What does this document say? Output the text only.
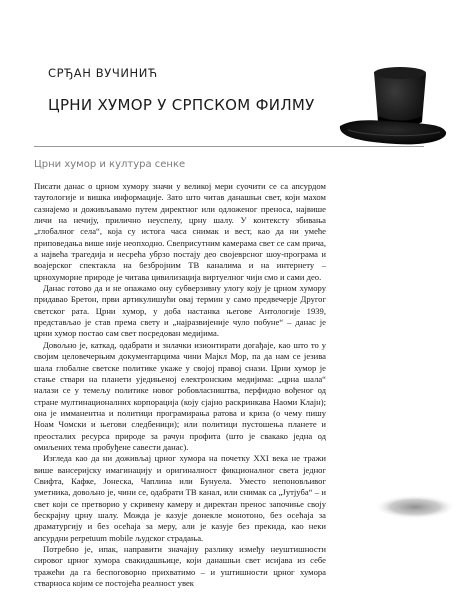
СРЂАН ВУЧИНИЋ
ЦРНИ ХУМОР У СРПСКОМ ФИЛМУ
Црни хумор и култура сенке

Писати данас о црном хумору значи у великој мери суочити се са апсурдом таутологије и вишка информације. Зато што читав данашњи свет, који махом сазнајемо и доживљавамо путем директног или одложеног преноса, највише личи на нечију, прилично неуспелу, црну шалу. У контексту збивања „глобалног села“, која су истога часа снимак и вест, као да ни умеће приповедања више није неопходно. Свеприсутним камерама свет се сам прича, а највећа трагедија и несрећа убрзо постају део својеврсног шоу-програма и воајерског спектакла на безбројним ТВ каналима и на интернету – црнохуморне природе је читава цивилизација виртуелног чији смо и сами део.

Данас готово да и не опажамо ону субверзивну улогу коју је црном хумору придавао Бретон, први артикулишући овај термин у само предвечерје Другог светског рата. Црни хумор, у доба настанка његове Антологије 1939, представљао је став према свету и „најразвијеније чуло побуне“ – данас је црни хумор постао сам свет посредован медијима.

Довољно је, каткад, одабрати и знлачки изионтирати догађаје, као што то у својим целовечерњим документарцима чини Мајкл Мор, па да нам се језива шала глобалне светске политике укаже у својој правој снази. Црни хумор је стање ствари на планети уједињеној електронским медијима: „црна шала“ налази се у темељу политике новог робовласништва, перфидно вођеног од стране мултинационалних корпорација (коју сјајно раскринкава Наоми Клајн); она је имманентна и политици програмирања ратова и криза (о чему пишу Ноам Чомски и његови следбеници); или политици пустошења планете и преосталих ресурса природе за рачун профита (што је свакако једна од омиљених тема пробуђене савести данас).

Изгледа као да ни доживљај црног хумора на почетку XXI века не тражи више вансеријску имагинацију и оригиналност фикционалног света једног Свифта, Кафке, Јонеска, Чаплина или Бунуела. Уместо непоновљивог уметника, довољно је, чини се, одабрати ТВ канал, или снимак са „Јутјуба“ – и свет који се претворио у скривену камеру и директан пренос започиње своју бескрајну црну шалу. Можда је казује донекле монотоно, без осећаја за драматургију и без осећаја за меру, али је казује без прекида, као неки апсурдни perpetuum mobile људског страдања.

Потребно је, ипак, направити значајну разлику између неуштишности сировог црног хумора свакидашњице, који данашњи свет исијава из себе тражећи да га беспоговорно прихватимо – и уштишности црног хумора стварноса којим се постојећа реалност увек
